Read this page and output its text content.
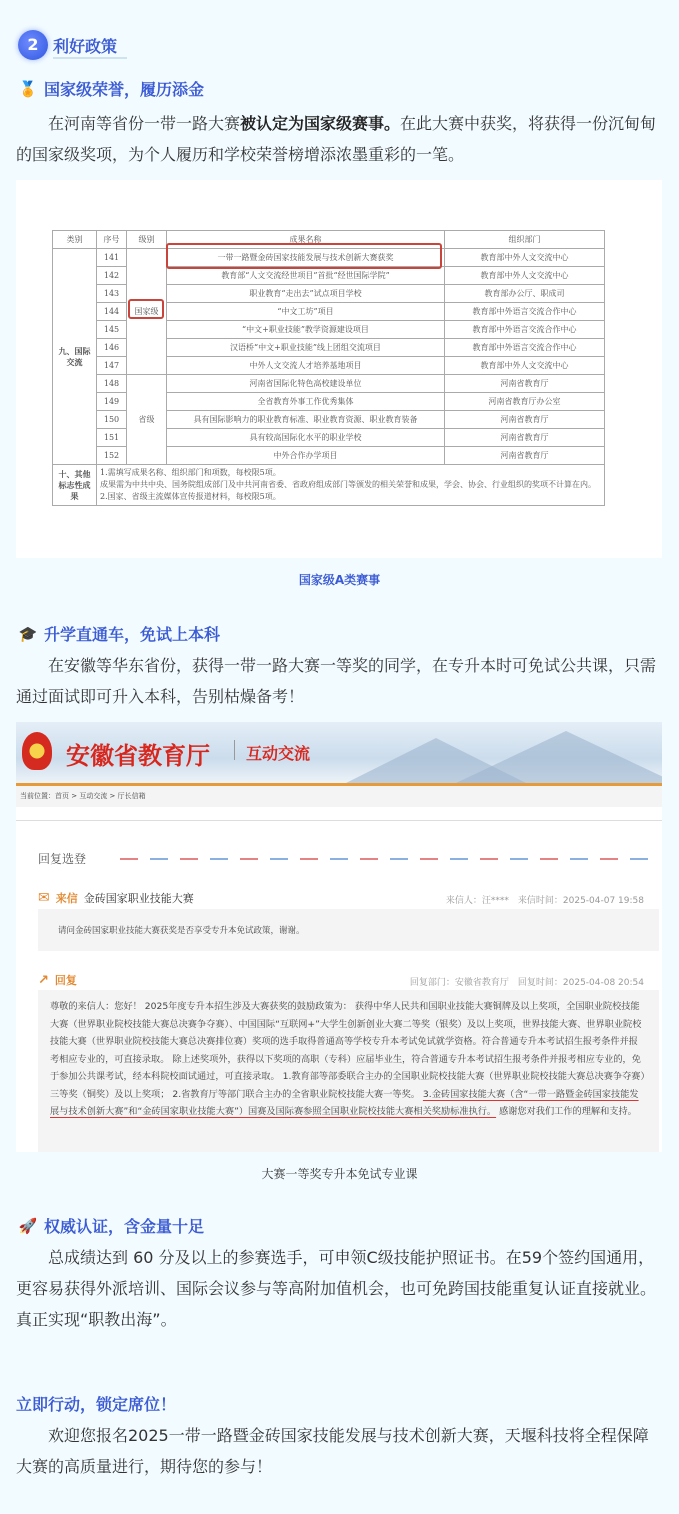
2 利好政策
🏅 国家级荣誉，履历添金
在河南等省份一带一路大赛被认定为国家级赛事。在此大赛中获奖，将获得一份沉甸甸的国家级奖项，为个人履历和学校荣誉榜增添浓墨重彩的一笔。
类别	序号	级别	成果名称	组织部门
九、国际交流	141	国家级	一带一路暨金砖国家技能发展与技术创新大赛获奖	教育部中外人文交流中心
	142		教育部“人文交流经世项目”首批“经世国际学院”	教育部中外人文交流中心
	143		职业教育“走出去”试点项目学校	教育部办公厅、职成司
	144		“中文工坊”项目	教育部中外语言交流合作中心
	145		“中文+职业技能”教学资源建设项目	教育部中外语言交流合作中心
	146		汉语桥“中文+职业技能”线上团组交流项目	教育部中外语言交流合作中心
	147		中外人文交流人才培养基地项目	教育部中外人文交流中心
	148	省级	河南省国际化特色高校建设单位	河南省教育厅
	149		全省教育外事工作优秀集体	河南省教育厅办公室
	150		具有国际影响力的职业教育标准、职业教育资源、职业教育装备	河南省教育厅
	151		具有较高国际化水平的职业学校	河南省教育厅
	152		中外合作办学项目	河南省教育厅
十、其他标志性成果	1.需填写成果名称、组织部门和项数，每校限5项。
成果需为中共中央、国务院组成部门及中共河南省委、省政府组成部门等颁发的相关荣誉和成果，学会、协会、行业组织的奖项不计算在内。
2.国家、省级主流媒体宣传报道材料，每校限5项。			
国家级A类赛事
🎓 升学直通车，免试上本科
在安徽等华东省份，获得一带一路大赛一等奖的同学，在专升本时可免试公共课，只需通过面试即可升入本科，告别枯燥备考！
安徽省教育厅 互动交流
当前位置：首页 > 互动交流 > 厅长信箱
回复选登
✉ 来信 金砖国家职业技能大赛	来信人：汪****　来信时间：2025-04-07 19:58
请问金砖国家职业技能大赛获奖是否享受专升本免试政策，谢谢。
↗ 回复	回复部门：安徽省教育厅　回复时间：2025-04-08 20:54
尊敬的来信人：您好！ 2025年度专升本招生涉及大赛获奖的鼓励政策为： 获得中华人民共和国职业技能大赛铜牌及以上奖项，全国职业院校技能大赛（世界职业院校技能大赛总决赛争夺赛）、中国国际“互联网+”大学生创新创业大赛二等奖（银奖）及以上奖项，世界技能大赛、世界职业院校技能大赛（世界职业院校技能大赛总决赛排位赛）奖项的选手取得普通高等学校专升本考试免试就学资格。符合普通专升本考试招生报考条件并报考相应专业的，可直接录取。 除上述奖项外，获得以下奖项的高职（专科）应届毕业生，符合普通专升本考试招生报考条件并报考相应专业的，免于参加公共课考试，经本科院校面试通过，可直接录取。 1.教育部等部委联合主办的全国职业院校技能大赛（世界职业院校技能大赛总决赛争夺赛）三等奖（铜奖）及以上奖项； 2.省教育厅等部门联合主办的全省职业院校技能大赛一等奖。 3.金砖国家技能大赛（含“一带一路暨金砖国家技能发展与技术创新大赛”和“金砖国家职业技能大赛”）国赛及国际赛参照全国职业院校技能大赛相关奖励标准执行。 感谢您对我们工作的理解和支持。
大赛一等奖专升本免试专业课
🚀 权威认证，含金量十足
总成绩达到 60 分及以上的参赛选手，可申领C级技能护照证书。在59个签约国通用，更容易获得外派培训、国际会议参与等高附加值机会，也可免跨国技能重复认证直接就业。真正实现“职教出海”。
立即行动，锁定席位！
欢迎您报名2025一带一路暨金砖国家技能发展与技术创新大赛，天堰科技将全程保障大赛的高质量进行，期待您的参与！
